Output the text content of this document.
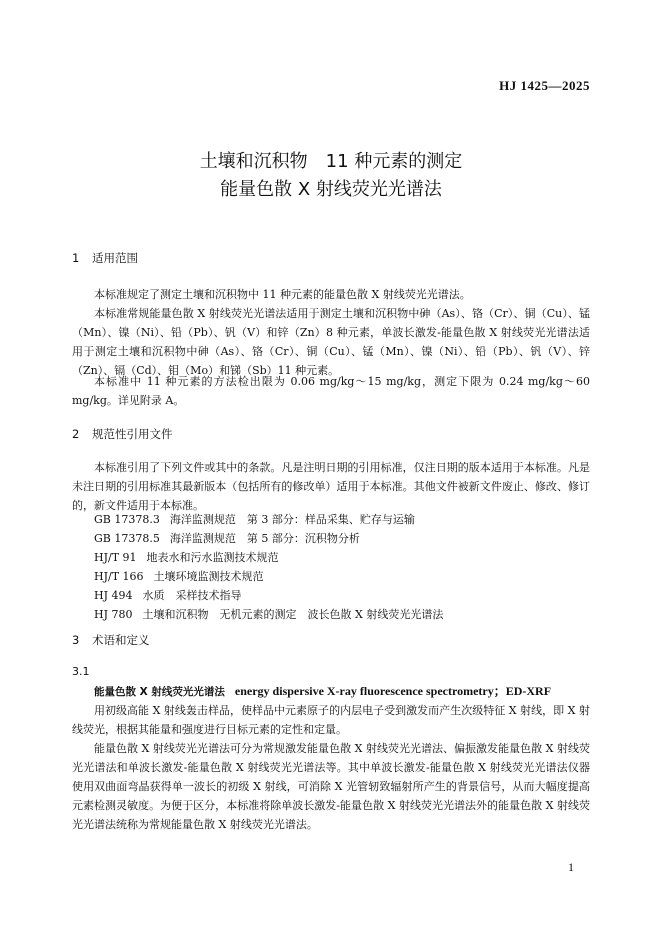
HJ 1425—2025
土壤和沉积物　11 种元素的测定
能量色散 X 射线荧光光谱法
1 适用范围

本标准规定了测定土壤和沉积物中 11 种元素的能量色散 X 射线荧光光谱法。

本标准常规能量色散 X 射线荧光光谱法适用于测定土壤和沉积物中砷（As）、铬（Cr）、铜（Cu）、锰（Mn）、镍（Ni）、铅（Pb）、钒（V）和锌（Zn）8 种元素，单波长激发-能量色散 X 射线荧光光谱法适用于测定土壤和沉积物中砷（As）、铬（Cr）、铜（Cu）、锰（Mn）、镍（Ni）、铅（Pb）、钒（V）、锌（Zn）、镉（Cd）、钼（Mo）和锑（Sb）11 种元素。

本标准中 11 种元素的方法检出限为 0.06 mg/kg～15 mg/kg，测定下限为 0.24 mg/kg～60 mg/kg。详见附录 A。

2 规范性引用文件

本标准引用了下列文件或其中的条款。凡是注明日期的引用标准，仅注日期的版本适用于本标准。凡是未注日期的引用标准其最新版本（包括所有的修改单）适用于本标准。其他文件被新文件废止、修改、修订的，新文件适用于本标准。

GB 17378.3 海洋监测规范　第 3 部分：样品采集、贮存与运输
GB 17378.5 海洋监测规范　第 5 部分：沉积物分析
HJ/T 91 地表水和污水监测技术规范
HJ/T 166 土壤环境监测技术规范
HJ 494 水质　采样技术指导
HJ 780 土壤和沉积物　无机元素的测定　波长色散 X 射线荧光光谱法
3 术语和定义
3.1
能量色散 X 射线荧光光谱法 energy dispersive X-ray fluorescence spectrometry；ED-XRF

用初级高能 X 射线轰击样品，使样品中元素原子的内层电子受到激发而产生次级特征 X 射线，即 X 射线荧光，根据其能量和强度进行目标元素的定性和定量。

能量色散 X 射线荧光光谱法可分为常规激发能量色散 X 射线荧光光谱法、偏振激发能量色散 X 射线荧光光谱法和单波长激发-能量色散 X 射线荧光光谱法等。其中单波长激发-能量色散 X 射线荧光光谱法仪器使用双曲面弯晶获得单一波长的初级 X 射线，可消除 X 光管轫致辐射所产生的背景信号，从而大幅度提高元素检测灵敏度。为便于区分，本标准将除单波长激发-能量色散 X 射线荧光光谱法外的能量色散 X 射线荧光光谱法统称为常规能量色散 X 射线荧光光谱法。

1
